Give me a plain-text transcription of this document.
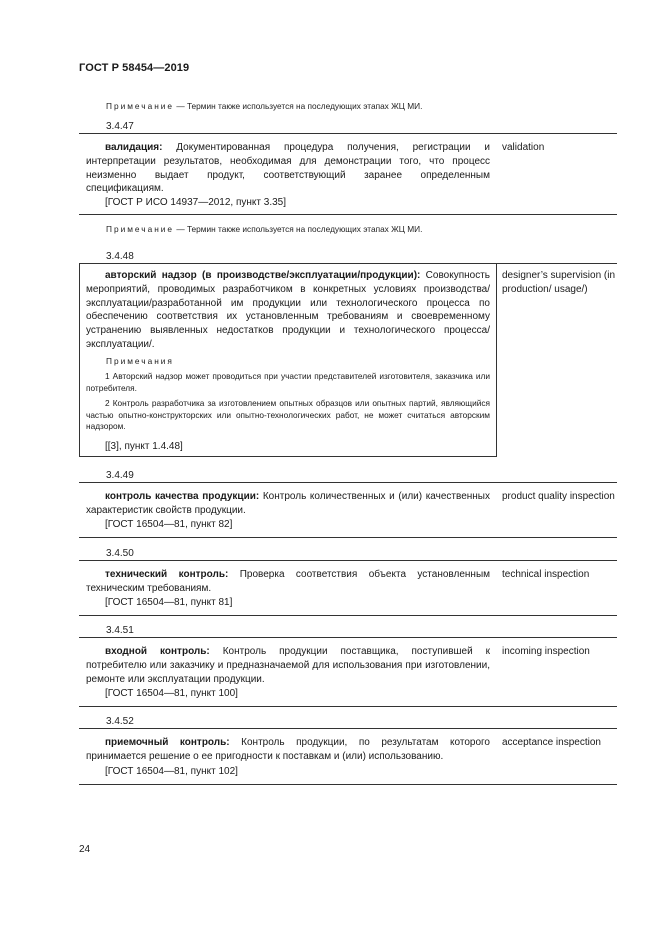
ГОСТ Р 58454—2019
Примечание — Термин также используется на последующих этапах ЖЦ МИ.
3.4.47
валидация: Документированная процедура получения, регистрации и интерпретации результатов, необходимая для демонстрации того, что процесс неизменно выдает продукт, соответствующий заранее определенным спецификациям.
[ГОСТ Р ИСО 14937—2012, пункт 3.35]
validation
Примечание — Термин также используется на последующих этапах ЖЦ МИ.
3.4.48
авторский надзор (в производстве/эксплуатации/продукции): Совокупность мероприятий, проводимых разработчиком в конкретных условиях производства/эксплуатации/разработанной им продукции или технологического процесса по обеспечению соответствия их установленным требованиям и своевременному устранению выявленных недостатков продукции и технологического процесса/эксплуатации/.
Примечания
1 Авторский надзор может проводиться при участии представителей изготовителя, заказчика или потребителя.
2 Контроль разработчика за изготовлением опытных образцов или опытных партий, являющийся частью опытно-конструкторских или опытно-технологических работ, не может считаться авторским надзором.
[[3], пункт 1.4.48]
designer’s supervision (in production/ usage/)
3.4.49
контроль качества продукции: Контроль количественных и (или) качественных характеристик свойств продукции.
[ГОСТ 16504—81, пункт 82]
product quality inspection
3.4.50
технический контроль: Проверка соответствия объекта установленным техническим требованиям.
[ГОСТ 16504—81, пункт 81]
technical inspection
3.4.51
входной контроль: Контроль продукции поставщика, поступившей к потребителю или заказчику и предназначаемой для использования при изготовлении, ремонте или эксплуатации продукции.
[ГОСТ 16504—81, пункт 100]
incoming inspection
3.4.52
приемочный контроль: Контроль продукции, по результатам которого принимается решение о ее пригодности к поставкам и (или) использованию.
[ГОСТ 16504—81, пункт 102]
acceptance inspection
24
